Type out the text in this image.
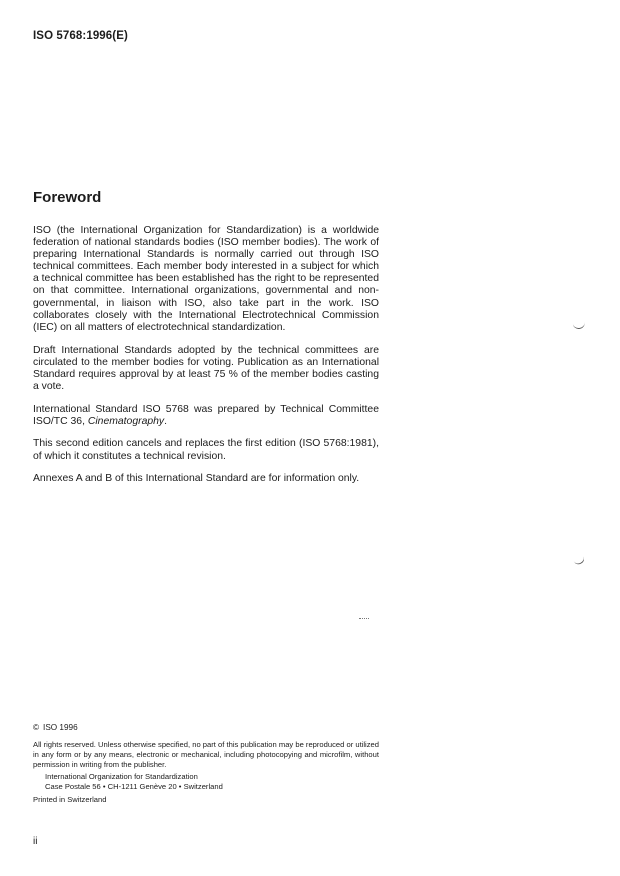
ISO 5768:1996(E)
Foreword

ISO (the International Organization for Standardization) is a worldwide federation of national standards bodies (ISO member bodies). The work of preparing International Standards is normally carried out through ISO technical committees. Each member body interested in a subject for which a technical committee has been established has the right to be represented on that committee. International organizations, governmental and non-governmental, in liaison with ISO, also take part in the work. ISO collaborates closely with the International Electrotechnical Commission (IEC) on all matters of electrotechnical standardization.

Draft International Standards adopted by the technical committees are circulated to the member bodies for voting. Publication as an International Standard requires approval by at least 75 % of the member bodies casting a vote.

International Standard ISO 5768 was prepared by Technical Committee ISO/TC 36, Cinematography.

This second edition cancels and replaces the first edition (ISO 5768:1981), of which it constitutes a technical revision.

Annexes A and B of this International Standard are for information only.

© ISO 1996

All rights reserved. Unless otherwise specified, no part of this publication may be reproduced or utilized in any form or by any means, electronic or mechanical, including photocopying and microfilm, without permission in writing from the publisher.

International Organization for Standardization
Case Postale 56 • CH-1211 Genève 20 • Switzerland
Printed in Switzerland
ii
